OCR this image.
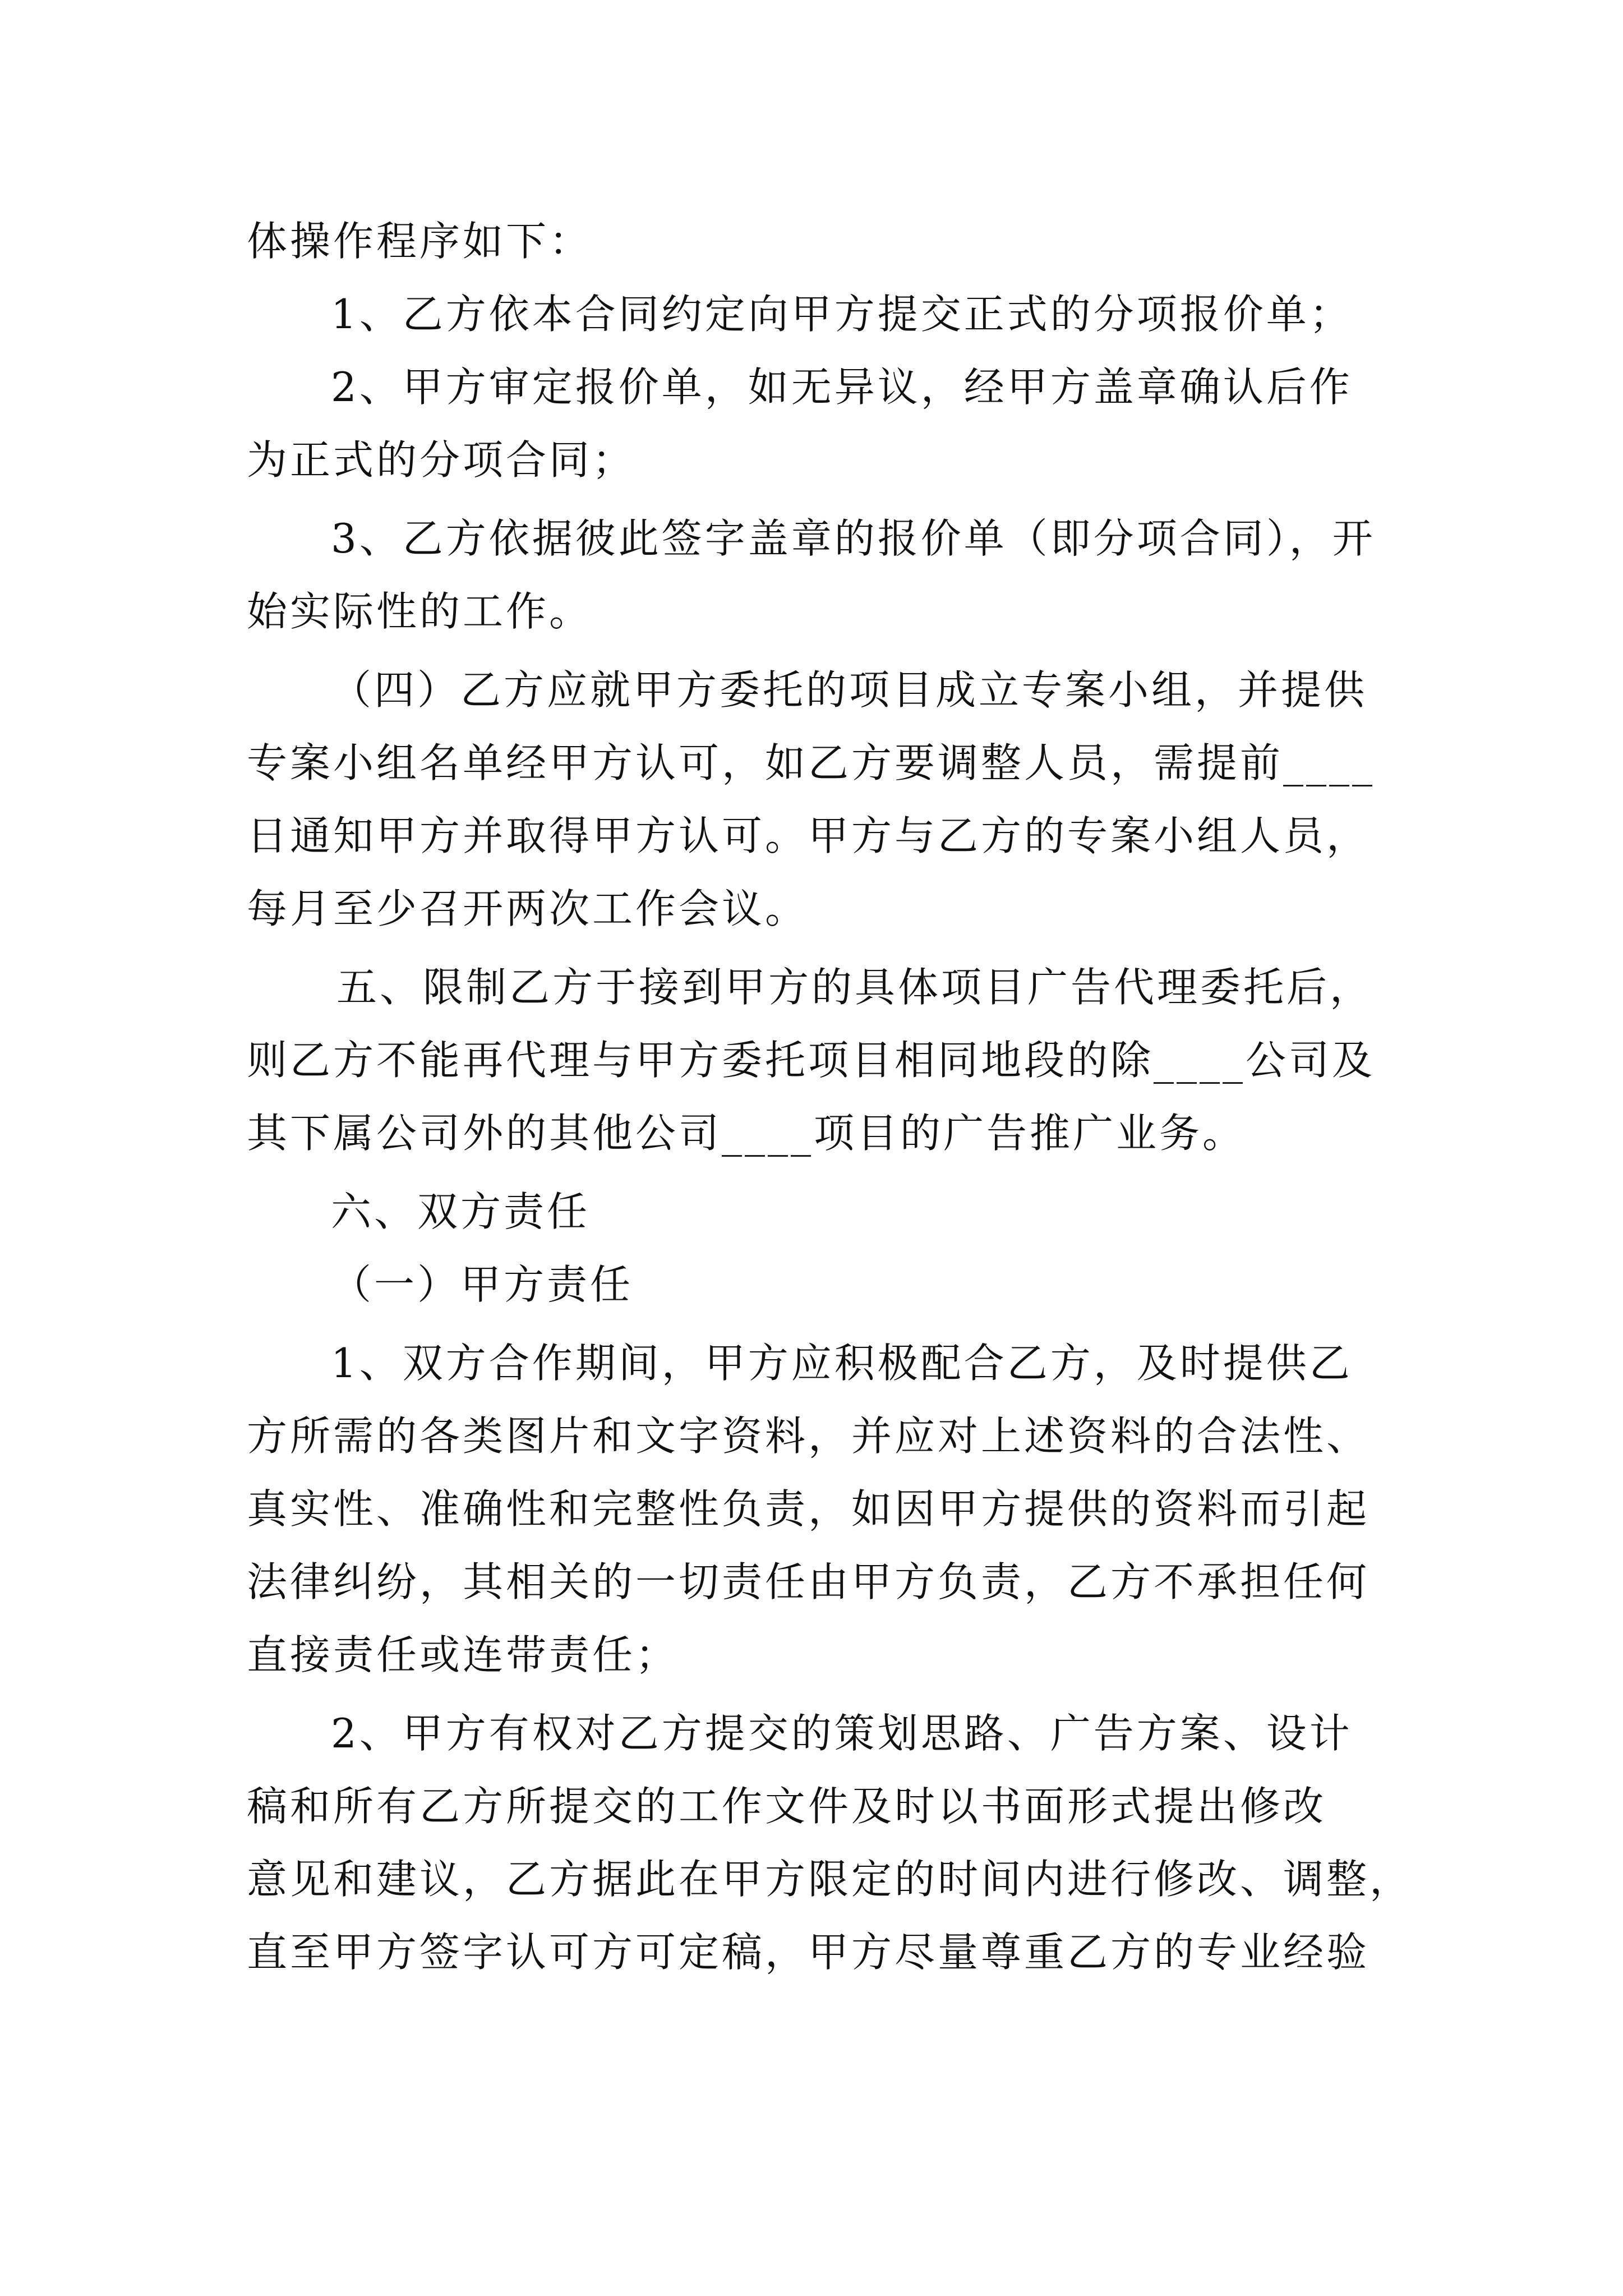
体操作程序如下：
1、乙方依本合同约定向甲方提交正式的分项报价单；
2、甲方审定报价单，如无异议，经甲方盖章确认后作
为正式的分项合同；
3、乙方依据彼此签字盖章的报价单（即分项合同），开
始实际性的工作。
（四）乙方应就甲方委托的项目成立专案小组，并提供
专案小组名单经甲方认可，如乙方要调整人员，需提前____
日通知甲方并取得甲方认可。甲方与乙方的专案小组人员，
每月至少召开两次工作会议。
五、限制乙方于接到甲方的具体项目广告代理委托后，
则乙方不能再代理与甲方委托项目相同地段的除____公司及
其下属公司外的其他公司____项目的广告推广业务。
六、双方责任
（一）甲方责任
1、双方合作期间，甲方应积极配合乙方，及时提供乙
方所需的各类图片和文字资料，并应对上述资料的合法性、
真实性、准确性和完整性负责，如因甲方提供的资料而引起
法律纠纷，其相关的一切责任由甲方负责，乙方不承担任何
直接责任或连带责任；
2、甲方有权对乙方提交的策划思路、广告方案、设计
稿和所有乙方所提交的工作文件及时以书面形式提出修改
意见和建议，乙方据此在甲方限定的时间内进行修改、调整，
直至甲方签字认可方可定稿，甲方尽量尊重乙方的专业经验
